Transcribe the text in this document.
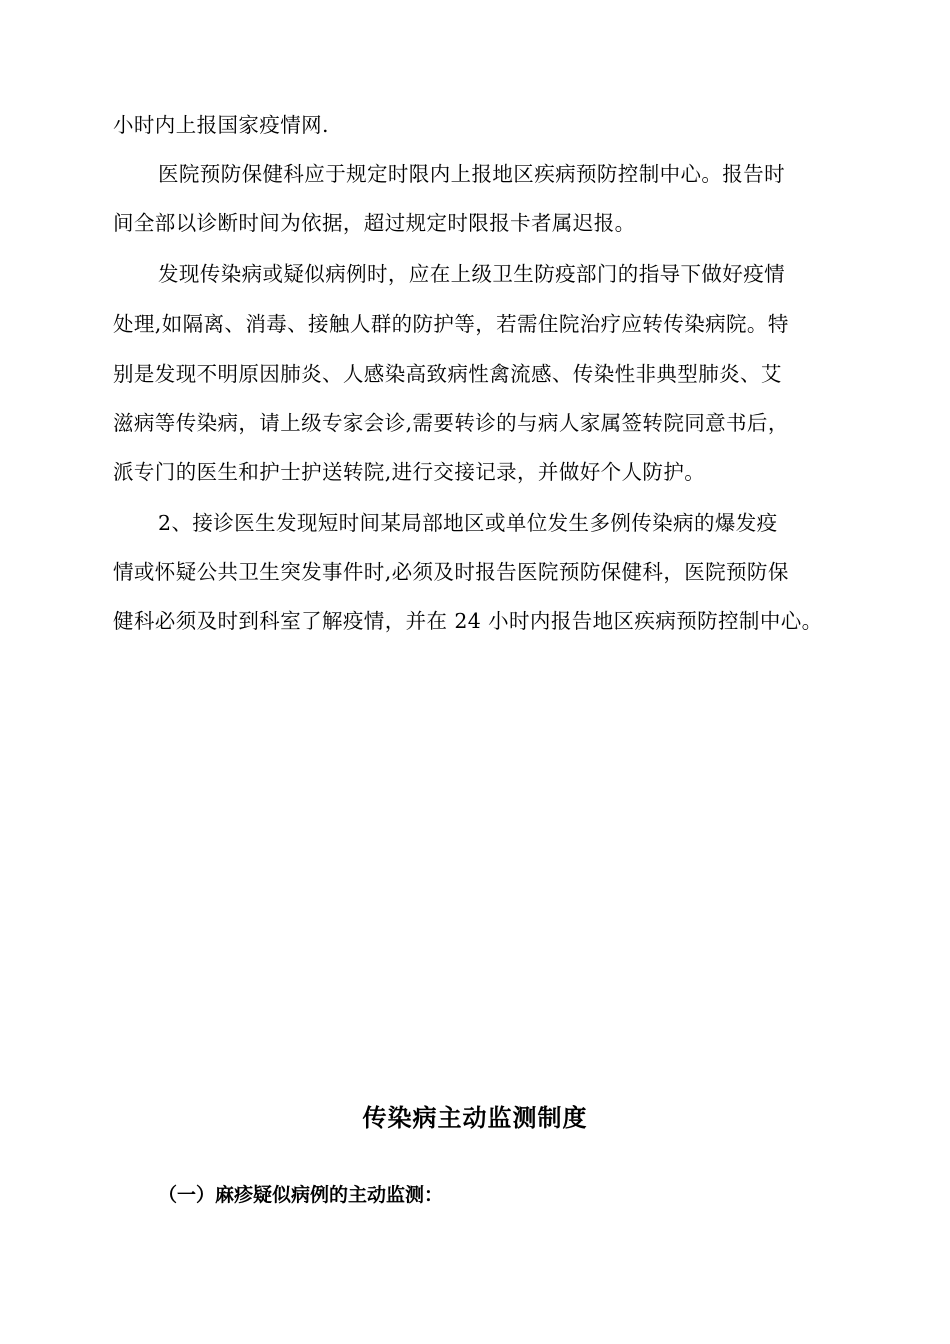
小时内上报国家疫情网.
医院预防保健科应于规定时限内上报地区疾病预防控制中心。报告时
间全部以诊断时间为依据，超过规定时限报卡者属迟报。
发现传染病或疑似病例时，应在上级卫生防疫部门的指导下做好疫情
处理,如隔离、消毒、接触人群的防护等，若需住院治疗应转传染病院。特
别是发现不明原因肺炎、人感染高致病性禽流感、传染性非典型肺炎、艾
滋病等传染病，请上级专家会诊,需要转诊的与病人家属签转院同意书后，
派专门的医生和护士护送转院,进行交接记录，并做好个人防护。
2、接诊医生发现短时间某局部地区或单位发生多例传染病的爆发疫
情或怀疑公共卫生突发事件时,必须及时报告医院预防保健科，医院预防保
健科必须及时到科室了解疫情，并在 24 小时内报告地区疾病预防控制中心。
传染病主动监测制度
（一）麻疹疑似病例的主动监测：
